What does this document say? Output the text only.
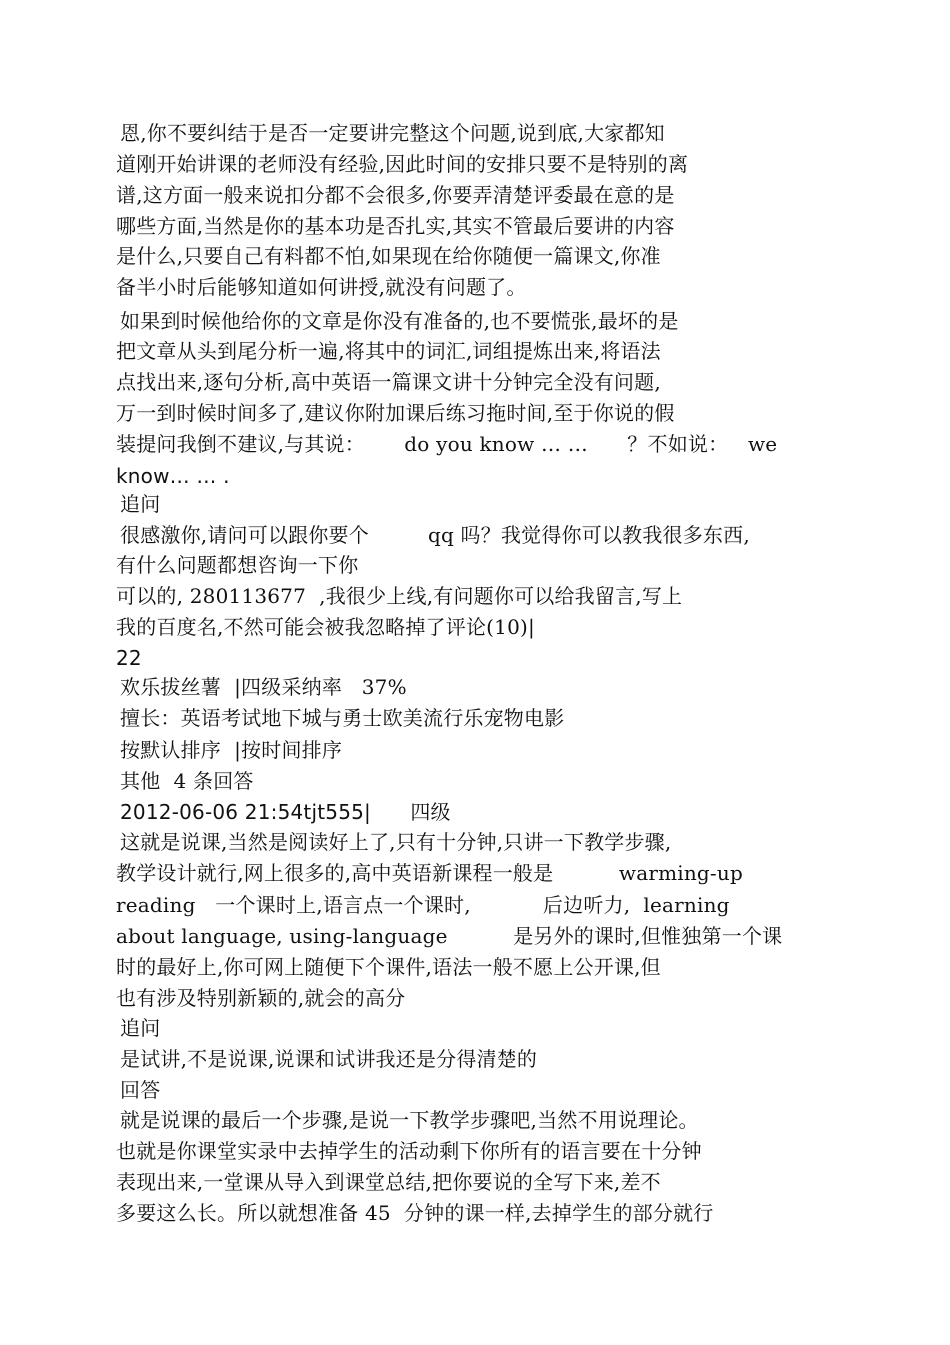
恩,你不要纠结于是否一定要讲完整这个问题,说到底,大家都知
道刚开始讲课的老师没有经验,因此时间的安排只要不是特别的离
谱,这方面一般来说扣分都不会很多,你要弄清楚评委最在意的是
哪些方面,当然是你的基本功是否扎实,其实不管最后要讲的内容
是什么,只要自己有料都不怕,如果现在给你随便一篇课文,你准
备半小时后能够知道如何讲授,就没有问题了。
如果到时候他给你的文章是你没有准备的,也不要慌张,最坏的是
把文章从头到尾分析一遍,将其中的词汇,词组提炼出来,将语法
点找出来,逐句分析,高中英语一篇课文讲十分钟完全没有问题,
万一到时候时间多了,建议你附加课后练习拖时间,至于你说的假
装提问我倒不建议,与其说：      do you know … …      ？不如说：   we
know… … .
追问
很感激你,请问可以跟你要个         qq 吗？我觉得你可以教我很多东西,
有什么问题都想咨询一下你
可以的, 280113677  ,我很少上线,有问题你可以给我留言,写上
我的百度名,不然可能会被我忽略掉了评论(10)|
22
欢乐拔丝薯  |四级采纳率   37%
擅长：英语考试地下城与勇士欧美流行乐宠物电影
按默认排序  |按时间排序
其他  4 条回答
2012-06-06 21:54tjt555|      四级
这就是说课,当然是阅读好上了,只有十分钟,只讲一下教学步骤,
教学设计就行,网上很多的,高中英语新课程一般是          warming-up
reading   一个课时上,语言点一个课时,           后边听力,  learning
about language, using-language          是另外的课时,但惟独第一个课
时的最好上,你可网上随便下个课件,语法一般不愿上公开课,但
也有涉及特别新颖的,就会的高分
追问
是试讲,不是说课,说课和试讲我还是分得清楚的
回答
就是说课的最后一个步骤,是说一下教学步骤吧,当然不用说理论。
也就是你课堂实录中去掉学生的活动剩下你所有的语言要在十分钟
表现出来,一堂课从导入到课堂总结,把你要说的全写下来,差不
多要这么长。所以就想准备 45  分钟的课一样,去掉学生的部分就行
